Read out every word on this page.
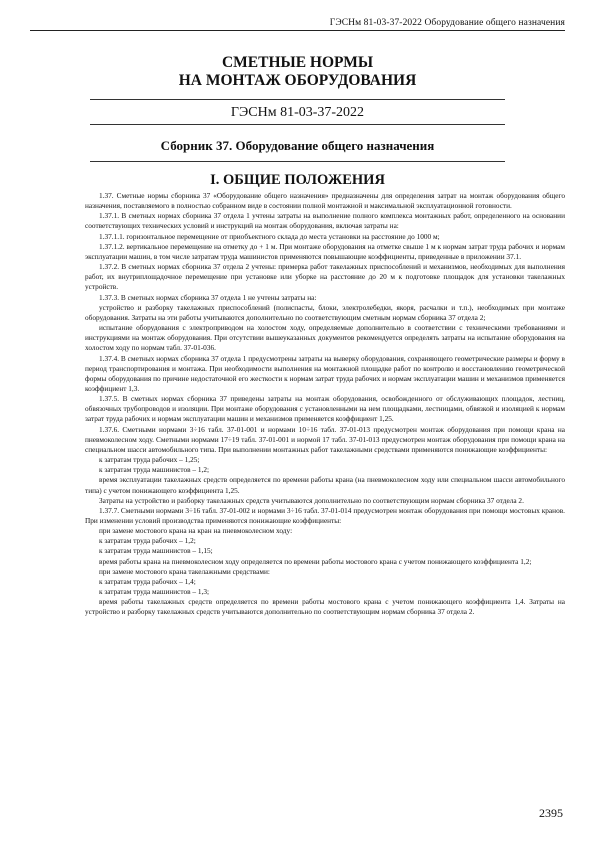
ГЭСНм 81-03-37-2022 Оборудование общего назначения
СМЕТНЫЕ НОРМЫ
НА МОНТАЖ ОБОРУДОВАНИЯ
ГЭСНм 81-03-37-2022
Сборник 37. Оборудование общего назначения
I. ОБЩИЕ ПОЛОЖЕНИЯ

1.37. Сметные нормы сборника 37 «Оборудование общего назначения» предназначены для определения затрат на монтаж оборудования общего назначения, поставляемого в полностью собранном виде в состоянии полной монтажной и максимальной эксплуатационной готовности.

1.37.1. В сметных нормах сборника 37 отдела 1 учтены затраты на выполнение полного комплекса монтажных работ, определенного на основании соответствующих технических условий и инструкций на монтаж оборудования, включая затраты на:

1.37.1.1. горизонтальное перемещение от приобъектного склада до места установки на расстояние до 1000 м;

1.37.1.2. вертикальное перемещение на отметку до + 1 м. При монтаже оборудования на отметке свыше 1 м к нормам затрат труда рабочих и нормам эксплуатации машин, в том числе затратам труда машинистов применяются повышающие коэффициенты, приведенные в приложении 37.1.

1.37.2. В сметных нормах сборника 37 отдела 2 учтены: примерка работ такелажных приспособлений и механизмов, необходимых для выполнения работ, их внутриплощадочное перемещение при установке или уборке на расстояние до 20 м к подготовке площадок для установки такелажных устройств.

1.37.3. В сметных нормах сборника 37 отдела 1 не учтены затраты на:

устройство и разборку такелажных приспособлений (полиспасты, блоки, электролебедки, якоря, расчалки и т.п.), необходимых при монтаже оборудования. Затраты на эти работы учитываются дополнительно по соответствующим сметным нормам сборника 37 отдела 2;

испытание оборудования с электроприводом на холостом ходу, определяемые дополнительно в соответствии с техническими требованиями и инструкциями на монтаж оборудования. При отсутствии вышеуказанных документов рекомендуется определять затраты на испытание оборудования на холостом ходу по нормам табл. 37-01-036.

1.37.4. В сметных нормах сборника 37 отдела 1 предусмотрены затраты на выверку оборудования, сохраняющего геометрические размеры и форму в период транспортирования и монтажа. При необходимости выполнения на монтажной площадке работ по контролю и восстановлению геометрической формы оборудования по причине недостаточной его жесткости к нормам затрат труда рабочих и нормам эксплуатации машин и механизмов применяется коэффициент 1,3.

1.37.5. В сметных нормах сборника 37 приведены затраты на монтаж оборудования, освобожденного от обслуживающих площадок, лестниц, обвязочных трубопроводов и изоляции. При монтаже оборудования с установленными на нем площадками, лестницами, обвязкой и изоляцией к нормам затрат труда рабочих и нормам эксплуатации машин и механизмов применяется коэффициент 1,25.

1.37.6. Сметными нормами 3÷16 табл. 37-01-001 и нормами 10÷16 табл. 37-01-013 предусмотрен монтаж оборудования при помощи крана на пневмоколесном ходу. Сметными нормами 17÷19 табл. 37-01-001 и нормой 17 табл. 37-01-013 предусмотрен монтаж оборудования при помощи крана на специальном шасси автомобильного типа. При выполнении монтажных работ такелажными средствами применяются понижающие коэффициенты:

к затратам труда рабочих – 1,25;

к затратам труда машинистов – 1,2;

время эксплуатации такелажных средств определяется по времени работы крана (на пневмоколесном ходу или специальном шасси автомобильного типа) с учетом понижающего коэффициента 1,25.

Затраты на устройство и разборку такелажных средств учитываются дополнительно по соответствующим нормам сборника 37 отдела 2.

1.37.7. Сметными нормами 3÷16 табл. 37-01-002 и нормами 3÷16 табл. 37-01-014 предусмотрен монтаж оборудования при помощи мостовых кранов. При изменении условий производства применяются понижающие коэффициенты:

при замене мостового крана на кран на пневмоколесном ходу:

к затратам труда рабочих – 1,2;

к затратам труда машинистов – 1,15;

время работы крана на пневмоколесном ходу определяется по времени работы мостового крана с учетом понижающего коэффициента 1,2;

при замене мостового крана такелажными средствами:

к затратам труда рабочих – 1,4;

к затратам труда машинистов – 1,3;

время работы такелажных средств определяется по времени работы мостового крана с учетом понижающего коэффициента 1,4. Затраты на устройство и разборку такелажных средств учитываются дополнительно по соответствующим нормам сборника 37 отдела 2.

2395
